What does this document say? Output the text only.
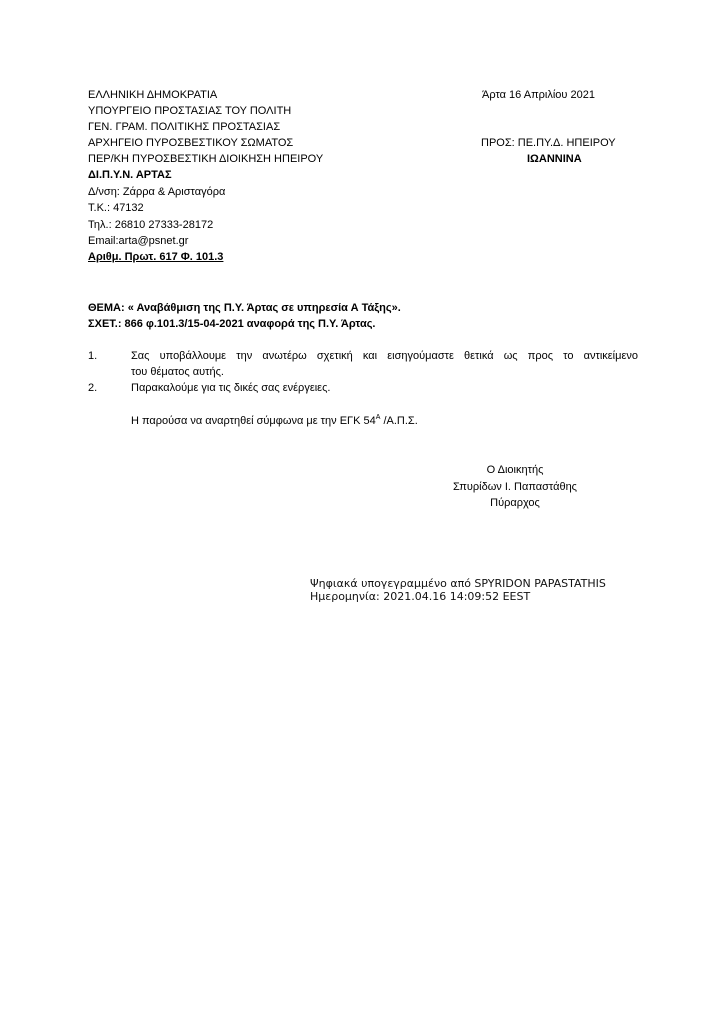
ΕΛΛΗΝΙΚΗ ΔΗΜΟΚΡΑΤΙΑ
ΥΠΟΥΡΓΕΙΟ ΠΡΟΣΤΑΣΙΑΣ ΤΟΥ ΠΟΛΙΤΗ
ΓΕΝ. ΓΡΑΜ. ΠΟΛΙΤΙΚΗΣ ΠΡΟΣΤΑΣΙΑΣ
ΑΡΧΗΓΕΙΟ ΠΥΡΟΣΒΕΣΤΙΚΟΥ ΣΩΜΑΤΟΣ
ΠΕΡ/ΚΗ ΠΥΡΟΣΒΕΣΤΙΚΗ ΔΙΟΙΚΗΣΗ ΗΠΕΙΡΟΥ
ΔΙ.Π.Υ.Ν. ΑΡΤΑΣ
Δ/νση: Ζάρρα & Αρισταγόρα
Τ.Κ.: 47132
Τηλ.: 26810 27333-28172
Email:arta@psnet.gr
Αριθμ. Πρωτ. 617 Φ. 101.3
Άρτα 16 Απριλίου 2021
ΠΡΟΣ: ΠΕ.ΠΥ.Δ. ΗΠΕΙΡΟΥ
ΙΩΑΝΝΙΝΑ
ΘΕΜΑ: « Αναβάθμιση της Π.Υ. Άρτας σε υπηρεσία Α Τάξης».
ΣΧΕΤ.: 866 φ.101.3/15-04-2021 αναφορά της Π.Υ. Άρτας.
1.	Σας υποβάλλουμε την ανωτέρω σχετική και εισηγούμαστε θετικά ως προς το αντικείμενο
του θέματος αυτής.
2.	Παρακαλούμε για τις δικές σας ενέργειες.
Η παρούσα να αναρτηθεί σύμφωνα με την ΕΓΚ $54^A$ /Α.Π.Σ.
Ο Διοικητής
Σπυρίδων Ι. Παπαστάθης
Πύραρχος
Ψηφιακά υπογεγραμμένο από SPYRIDON PAPASTATHIS
Ημερομηνία: 2021.04.16 14:09:52 EEST
